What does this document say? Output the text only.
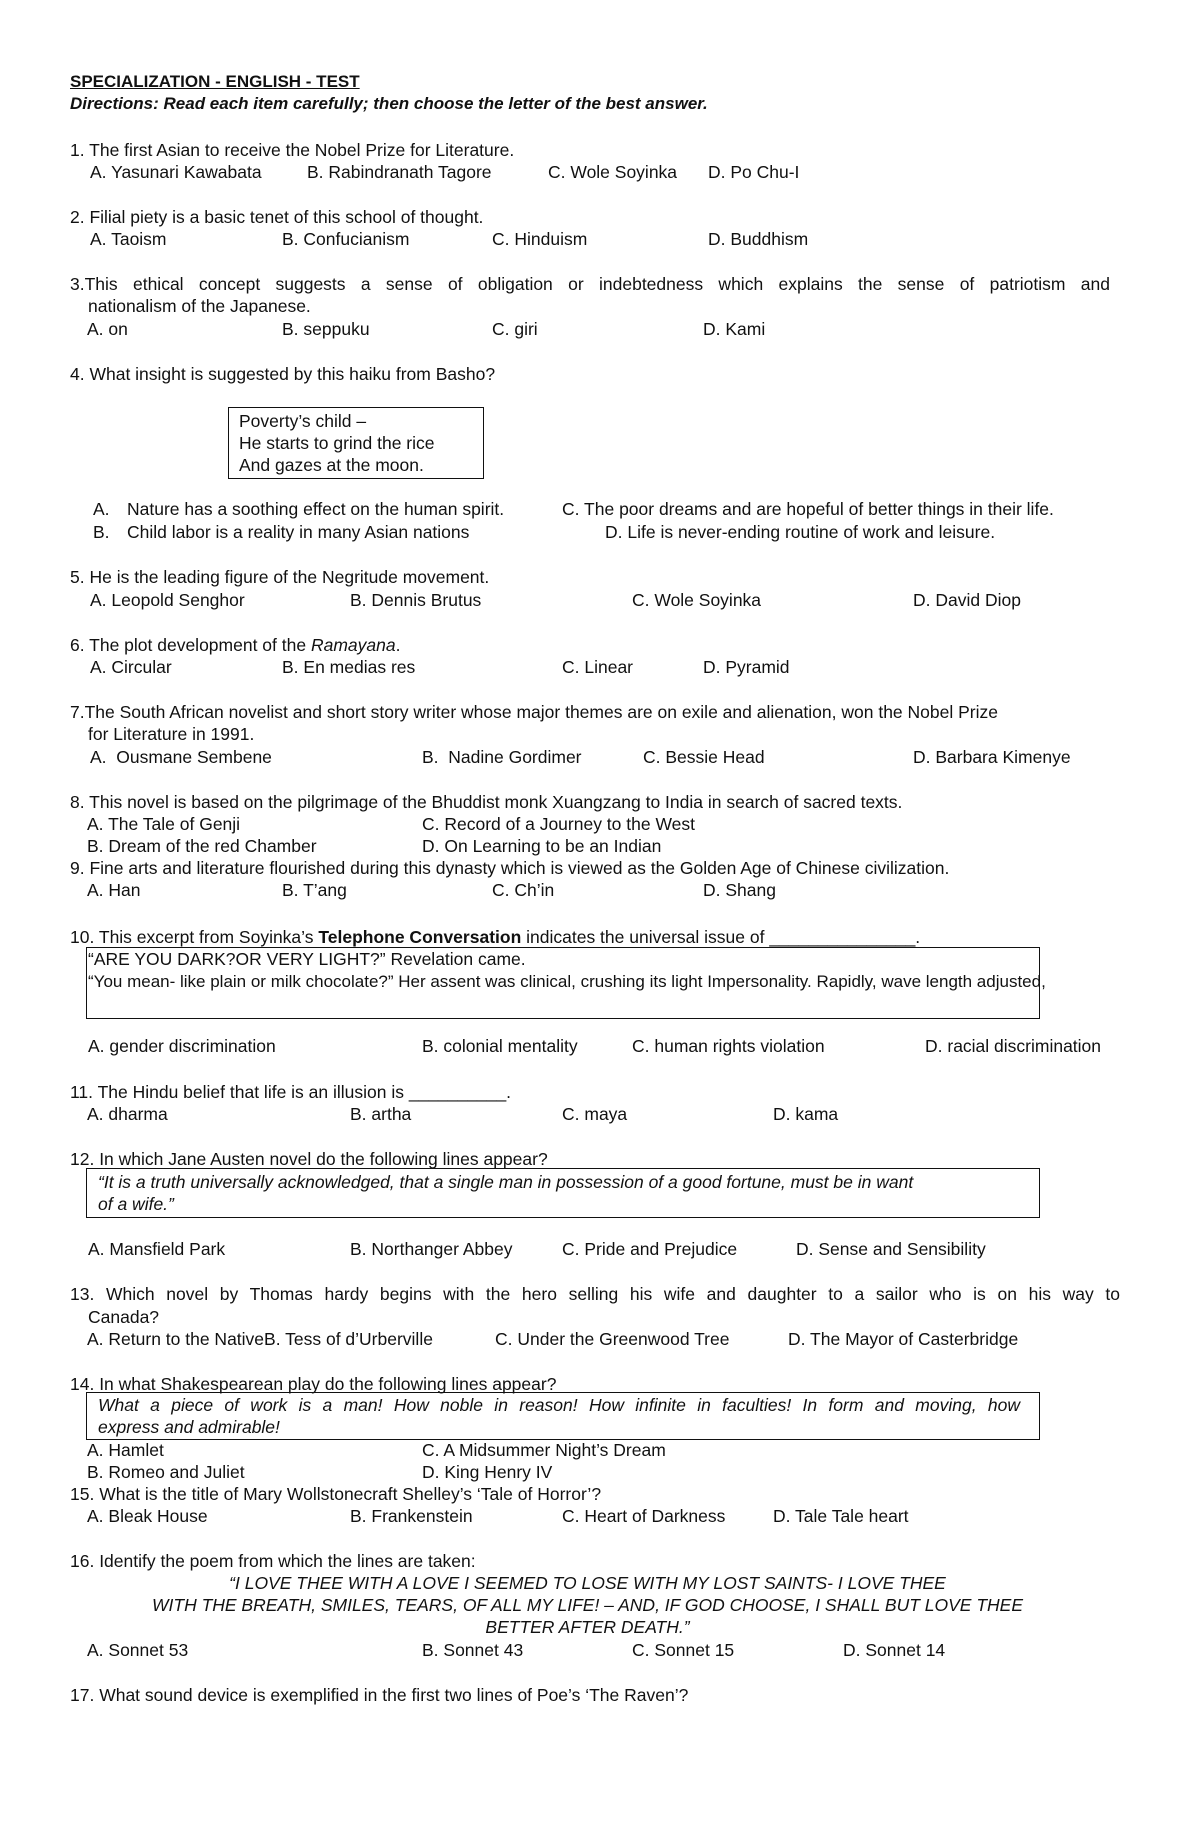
SPECIALIZATION - ENGLISH - TEST
Directions: Read each item carefully; then choose the letter of the best answer.
1. The first Asian to receive the Nobel Prize for Literature.
A. Yasunari Kawabata	B. Rabindranath Tagore	C. Wole Soyinka D. Po Chu-I
2. Filial piety is a basic tenet of this school of thought.
A. Taoism	B. Confucianism	C. Hinduism	D. Buddhism
3.This ethical concept suggests a sense of obligation or indebtedness which explains the sense of patriotism and
nationalism of the Japanese.
A. on	B. seppuku	C. giri	D. Kami
4. What insight is suggested by this haiku from Basho?
Poverty’s child –
He starts to grind the rice
And gazes at the moon.
A. Nature has a soothing effect on the human spirit.	C. The poor dreams and are hopeful of better things in their life.
B. Child labor is a reality in many Asian nations	D. Life is never-ending routine of work and leisure.
5. He is the leading figure of the Negritude movement.
A. Leopold Senghor	B. Dennis Brutus	C. Wole Soyinka	D. David Diop
6. The plot development of the Ramayana.
A. Circular	B. En medias res	C. Linear	D. Pyramid
7.The South African novelist and short story writer whose major themes are on exile and alienation, won the Nobel Prize
for Literature in 1991.
A.  Ousmane Sembene	B.  Nadine Gordimer	C. Bessie Head	D. Barbara Kimenye
8. This novel is based on the pilgrimage of the Bhuddist monk Xuangzang to India in search of sacred texts.
A. The Tale of Genji	C. Record of a Journey to the West
B. Dream of the red Chamber	D. On Learning to be an Indian
9. Fine arts and literature flourished during this dynasty which is viewed as the Golden Age of Chinese civilization.
A. Han	B. T’ang	C. Ch’in	D. Shang
10. This excerpt from Soyinka’s Telephone Conversation indicates the universal issue of _______________.
“ARE YOU DARK?OR VERY LIGHT?” Revelation came.
“You mean- like plain or milk chocolate?” Her assent was clinical, crushing its light Impersonality. Rapidly, wave length adjusted,
A. gender discrimination	B. colonial mentality	C. human rights violation	D. racial discrimination
11. The Hindu belief that life is an illusion is __________.
A. dharma	B. artha	C. maya	D. kama
12. In which Jane Austen novel do the following lines appear?
“It is a truth universally acknowledged, that a single man in possession of a good fortune, must be in want
of a wife.”
A. Mansfield Park	B. Northanger Abbey	C. Pride and Prejudice	D. Sense and Sensibility
13. Which novel by Thomas hardy begins with the hero selling his wife and daughter to a sailor who is on his way to
Canada?
A. Return to the NativeB. Tess of d’Urberville	C. Under the Greenwood Tree	D. The Mayor of Casterbridge
14. In what Shakespearean play do the following lines appear?
What a piece of work is a man! How noble in reason! How infinite in faculties! In form and moving, how
express and admirable!
A. Hamlet	C. A Midsummer Night’s Dream
B. Romeo and Juliet	D. King Henry IV
15. What is the title of Mary Wollstonecraft Shelley’s ‘Tale of Horror’?
A. Bleak House	B. Frankenstein	C. Heart of Darkness	D. Tale Tale heart
16. Identify the poem from which the lines are taken:
“I LOVE THEE WITH A LOVE I SEEMED TO LOSE WITH MY LOST SAINTS- I LOVE THEE
WITH THE BREATH, SMILES, TEARS, OF ALL MY LIFE! – AND, IF GOD CHOOSE, I SHALL BUT LOVE THEE
BETTER AFTER DEATH.”
A. Sonnet 53	B. Sonnet 43	C. Sonnet 15	D. Sonnet 14
17. What sound device is exemplified in the first two lines of Poe’s ‘The Raven’?
